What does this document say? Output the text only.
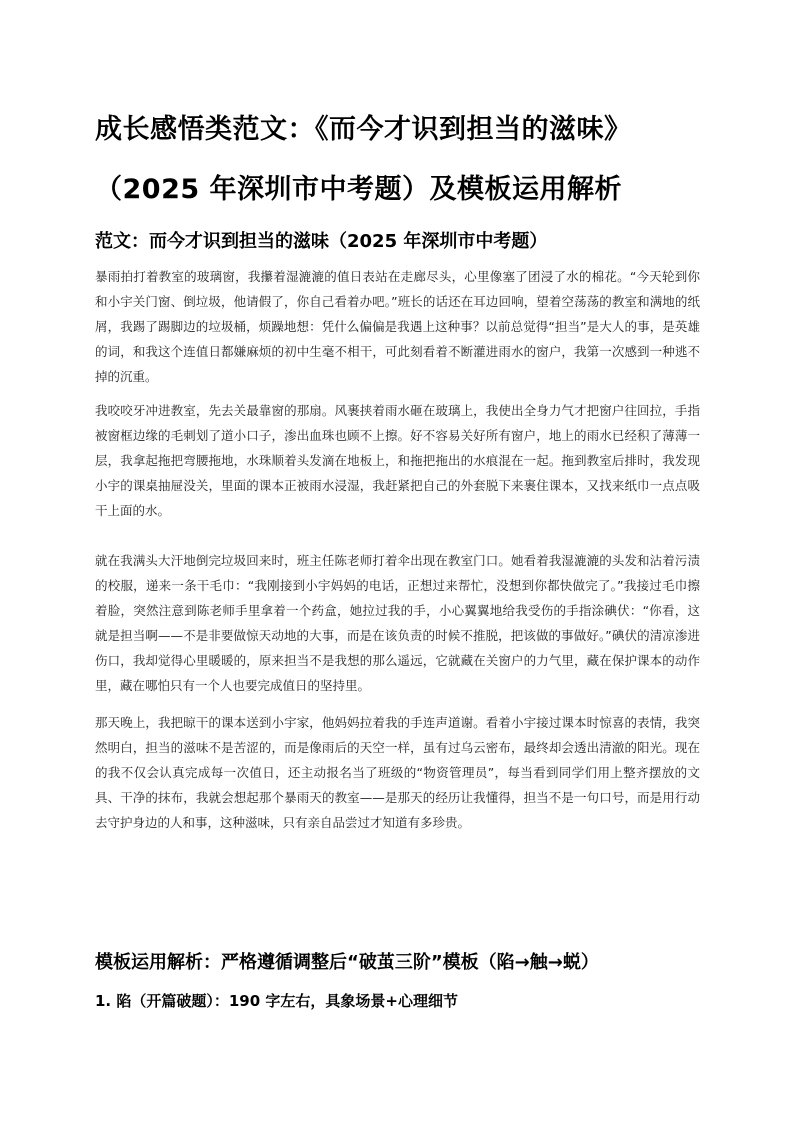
成长感悟类范文：《而今才识到担当的滋味》（2025 年深圳市中考题）及模板运用解析
范文：而今才识到担当的滋味（2025 年深圳市中考题）

暴雨拍打着教室的玻璃窗，我攥着湿漉漉的值日表站在走廊尽头，心里像塞了团浸了水的棉花。“今天轮到你和小宇关门窗、倒垃圾，他请假了，你自己看着办吧。”班长的话还在耳边回响，望着空荡荡的教室和满地的纸屑，我踢了踢脚边的垃圾桶，烦躁地想：凭什么偏偏是我遇上这种事？以前总觉得“担当”是大人的事，是英雄的词，和我这个连值日都嫌麻烦的初中生毫不相干，可此刻看着不断灌进雨水的窗户，我第一次感到一种逃不掉的沉重。

我咬咬牙冲进教室，先去关最靠窗的那扇。风裹挟着雨水砸在玻璃上，我使出全身力气才把窗户往回拉，手指被窗框边缘的毛刺划了道小口子，渗出血珠也顾不上擦。好不容易关好所有窗户，地上的雨水已经积了薄薄一层，我拿起拖把弯腰拖地，水珠顺着头发滴在地板上，和拖把拖出的水痕混在一起。拖到教室后排时，我发现小宇的课桌抽屉没关，里面的课本正被雨水浸湿，我赶紧把自己的外套脱下来裹住课本，又找来纸巾一点点吸干上面的水。

就在我满头大汗地倒完垃圾回来时，班主任陈老师打着伞出现在教室门口。她看着我湿漉漉的头发和沾着污渍的校服，递来一条干毛巾：“我刚接到小宇妈妈的电话，正想过来帮忙，没想到你都快做完了。”我接过毛巾擦着脸，突然注意到陈老师手里拿着一个药盒，她拉过我的手，小心翼翼地给我受伤的手指涂碘伏：“你看，这就是担当啊——不是非要做惊天动地的大事，而是在该负责的时候不推脱，把该做的事做好。”碘伏的清凉渗进伤口，我却觉得心里暖暖的，原来担当不是我想的那么遥远，它就藏在关窗户的力气里，藏在保护课本的动作里，藏在哪怕只有一个人也要完成值日的坚持里。

那天晚上，我把晾干的课本送到小宇家，他妈妈拉着我的手连声道谢。看着小宇接过课本时惊喜的表情，我突然明白，担当的滋味不是苦涩的，而是像雨后的天空一样，虽有过乌云密布，最终却会透出清澈的阳光。现在的我不仅会认真完成每一次值日，还主动报名当了班级的“物资管理员”，每当看到同学们用上整齐摆放的文具、干净的抹布，我就会想起那个暴雨天的教室——是那天的经历让我懂得，担当不是一句口号，而是用行动去守护身边的人和事，这种滋味，只有亲自品尝过才知道有多珍贵。

模板运用解析：严格遵循调整后“破茧三阶”模板（陷→触→蜕）
1. 陷（开篇破题）：190 字左右，具象场景+心理细节
